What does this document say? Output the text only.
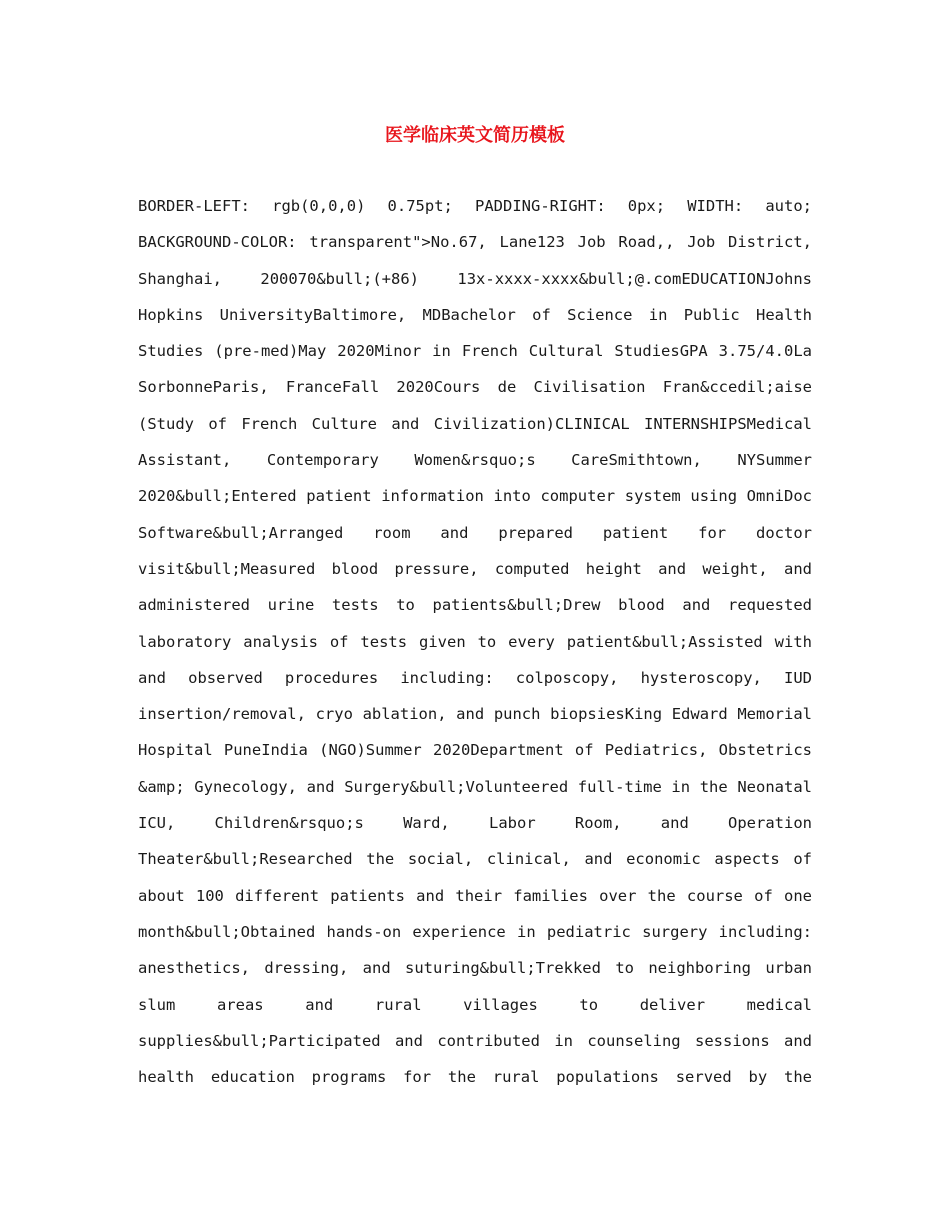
医学临床英文简历模板

BORDER-LEFT: rgb(0,0,0) 0.75pt; PADDING-RIGHT: 0px; WIDTH: auto; BACKGROUND-COLOR: transparent">No.67, Lane123 Job Road,, Job District, Shanghai, 200070&bull;(+86) 13x-xxxx-xxxx&bull;@.comEDUCATIONJohns Hopkins UniversityBaltimore, MDBachelor of Science in Public Health Studies (pre-med)May 2020Minor in French Cultural StudiesGPA 3.75/4.0La SorbonneParis, FranceFall 2020Cours de Civilisation Fran&ccedil;aise (Study of French Culture and Civilization)CLINICAL INTERNSHIPSMedical Assistant, Contemporary Women&rsquo;s CareSmithtown, NYSummer 2020&bull;Entered patient information into computer system using OmniDoc Software&bull;Arranged room and prepared patient for doctor visit&bull;Measured blood pressure, computed height and weight, and administered urine tests to patients&bull;Drew blood and requested laboratory analysis of tests given to every patient&bull;Assisted with and observed procedures including: colposcopy, hysteroscopy, IUD insertion/removal, cryo ablation, and punch biopsiesKing Edward Memorial Hospital PuneIndia (NGO)Summer 2020Department of Pediatrics, Obstetrics &amp; Gynecology, and Surgery&bull;Volunteered full-time in the Neonatal ICU, Children&rsquo;s Ward, Labor Room, and Operation Theater&bull;Researched the social, clinical, and economic aspects of about 100 different patients and their families over the course of one month&bull;Obtained hands-on experience in pediatric surgery including: anesthetics, dressing, and suturing&bull;Trekked to neighboring urban slum areas and rural villages to deliver medical supplies&bull;Participated and contributed in counseling sessions and health education programs for the rural populations served by the
